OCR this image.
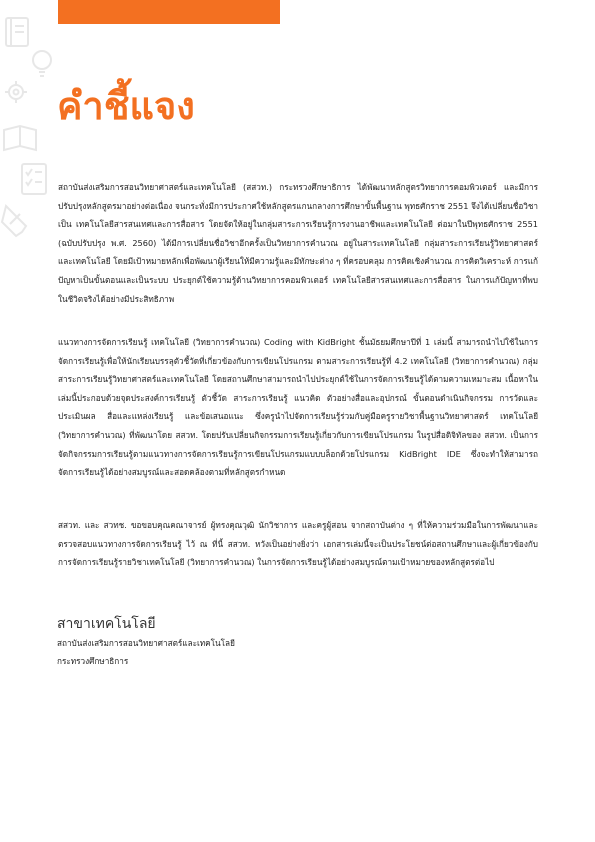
คำชี้แจง

สถาบันส่งเสริมการสอนวิทยาศาสตร์และเทคโนโลยี (สสวท.) กระทรวงศึกษาธิการ ได้พัฒนาหลักสูตรวิทยาการคอมพิวเตอร์ และมีการปรับปรุงหลักสูตรมาอย่างต่อเนื่อง จนกระทั่งมีการประกาศใช้หลักสูตรแกนกลางการศึกษาขั้นพื้นฐาน พุทธศักราช 2551 จึงได้เปลี่ยนชื่อวิชาเป็น เทคโนโลยีสารสนเทศและการสื่อสาร โดยจัดให้อยู่ในกลุ่มสาระการเรียนรู้การงานอาชีพและเทคโนโลยี ต่อมาในปีพุทธศักราช 2551 (ฉบับปรับปรุง พ.ศ. 2560) ได้มีการเปลี่ยนชื่อวิชาอีกครั้งเป็นวิทยาการคำนวณ อยู่ในสาระเทคโนโลยี กลุ่มสาระการเรียนรู้วิทยาศาสตร์และเทคโนโลยี โดยมีเป้าหมายหลักเพื่อพัฒนาผู้เรียนให้มีความรู้และมีทักษะต่าง ๆ ที่ครอบคลุม การคิดเชิงคำนวณ การคิดวิเคราะห์ การแก้ปัญหาเป็นขั้นตอนและเป็นระบบ ประยุกต์ใช้ความรู้ด้านวิทยาการคอมพิวเตอร์ เทคโนโลยีสารสนเทศและการสื่อสาร ในการแก้ปัญหาที่พบในชีวิตจริงได้อย่างมีประสิทธิภาพ

แนวทางการจัดการเรียนรู้ เทคโนโลยี (วิทยาการคำนวณ) Coding with KidBright ชั้นมัธยมศึกษาปีที่ 1 เล่มนี้ สามารถนำไปใช้ในการจัดการเรียนรู้เพื่อให้นักเรียนบรรลุตัวชี้วัดที่เกี่ยวข้องกับการเขียนโปรแกรม ตามสาระการเรียนรู้ที่ 4.2 เทคโนโลยี (วิทยาการคำนวณ) กลุ่มสาระการเรียนรู้วิทยาศาสตร์และเทคโนโลยี โดยสถานศึกษาสามารถนำไปประยุกต์ใช้ในการจัดการเรียนรู้ได้ตามความเหมาะสม เนื้อหาในเล่มนี้ประกอบด้วยจุดประสงค์การเรียนรู้ ตัวชี้วัด สาระการเรียนรู้ แนวคิด ตัวอย่างสื่อและอุปกรณ์ ขั้นตอนดำเนินกิจกรรม การวัดและประเมินผล สื่อและแหล่งเรียนรู้ และข้อเสนอแนะ ซึ่งครูนำไปจัดการเรียนรู้ร่วมกับคู่มือครูรายวิชาพื้นฐานวิทยาศาสตร์ เทคโนโลยี (วิทยาการคำนวณ) ที่พัฒนาโดย สสวท. โดยปรับเปลี่ยนกิจกรรมการเรียนรู้เกี่ยวกับการเขียนโปรแกรม ในรูปสื่อดิจิทัลของ สสวท. เป็นการจัดกิจกรรมการเรียนรู้ตามแนวทางการจัดการเรียนรู้การเขียนโปรแกรมแบบบล็อกด้วยโปรแกรม KidBright IDE ซึ่งจะทำให้สามารถจัดการเรียนรู้ได้อย่างสมบูรณ์และสอดคล้องตามที่หลักสูตรกำหนด

สสวท. และ สวทช. ขอขอบคุณคณาจารย์ ผู้ทรงคุณวุฒิ นักวิชาการ และครูผู้สอน จากสถาบันต่าง ๆ ที่ให้ความร่วมมือในการพัฒนาและตรวจสอบแนวทางการจัดการเรียนรู้ ไว้ ณ ที่นี้ สสวท. หวังเป็นอย่างยิ่งว่า เอกสารเล่มนี้จะเป็นประโยชน์ต่อสถานศึกษาและผู้เกี่ยวข้องกับการจัดการเรียนรู้รายวิชาเทคโนโลยี (วิทยาการคำนวณ) ในการจัดการเรียนรู้ได้อย่างสมบูรณ์ตามเป้าหมายของหลักสูตรต่อไป

สาขาเทคโนโลยี

สถาบันส่งเสริมการสอนวิทยาศาสตร์และเทคโนโลยี

กระทรวงศึกษาธิการ
